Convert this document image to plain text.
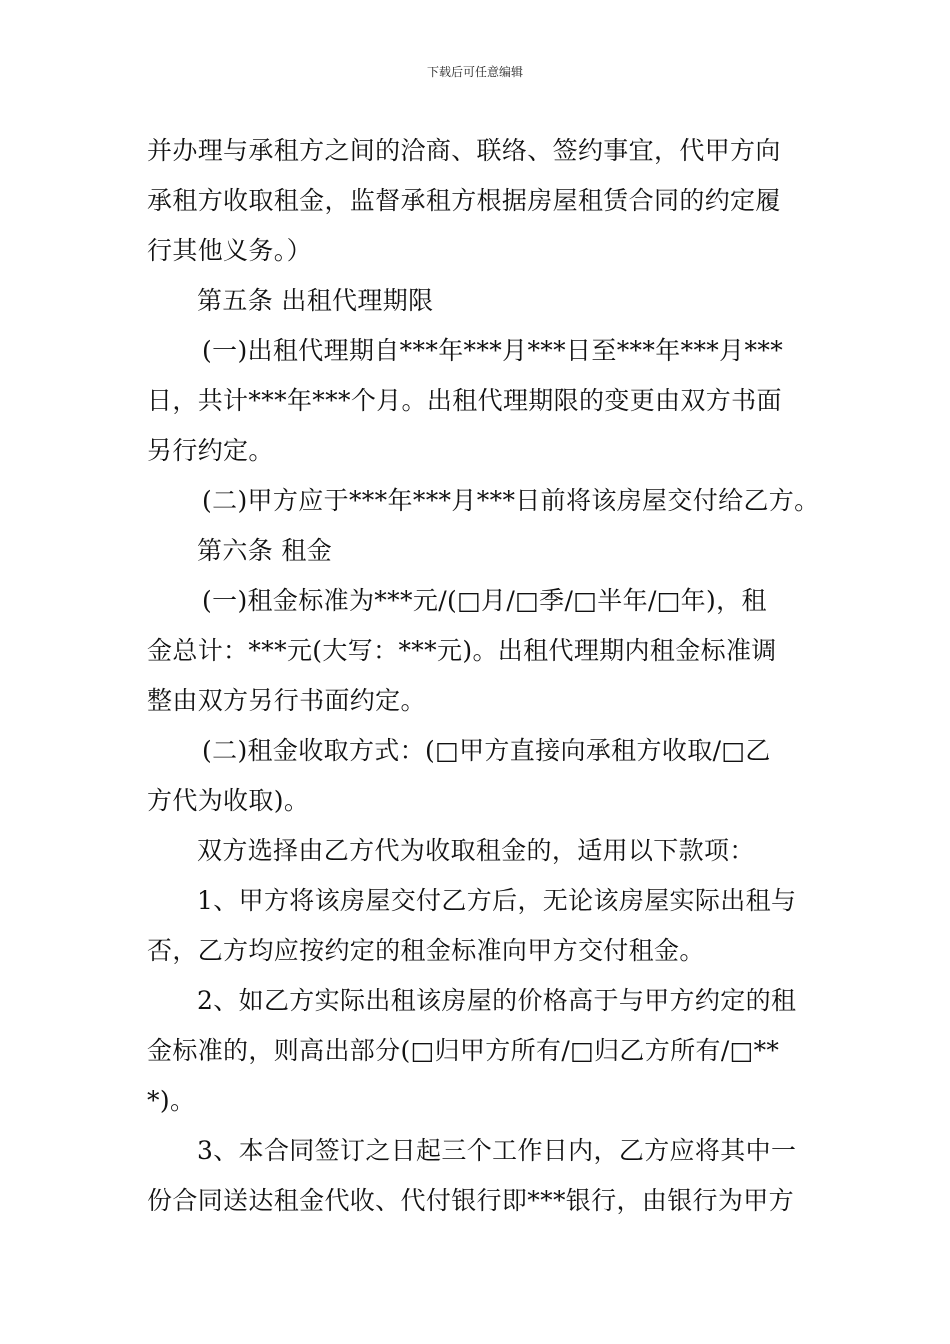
下载后可任意编辑
并办理与承租方之间的洽商、联络、签约事宜，代甲方向
承租方收取租金，监督承租方根据房屋租赁合同的约定履
行其他义务。）
第五条 出租代理期限
(一)出租代理期自***年***月***日至***年***月***
日，共计***年***个月。出租代理期限的变更由双方书面
另行约定。
(二)甲方应于***年***月***日前将该房屋交付给乙方。
第六条 租金
(一)租金标准为***元/(□月/□季/□半年/□年)，租
金总计：***元(大写：***元)。出租代理期内租金标准调
整由双方另行书面约定。
(二)租金收取方式：(□甲方直接向承租方收取/□乙
方代为收取)。
双方选择由乙方代为收取租金的，适用以下款项：
1、甲方将该房屋交付乙方后，无论该房屋实际出租与
否，乙方均应按约定的租金标准向甲方交付租金。
2、如乙方实际出租该房屋的价格高于与甲方约定的租
金标准的，则高出部分(□归甲方所有/□归乙方所有/□**
*)。
3、本合同签订之日起三个工作日内，乙方应将其中一
份合同送达租金代收、代付银行即***银行，由银行为甲方
